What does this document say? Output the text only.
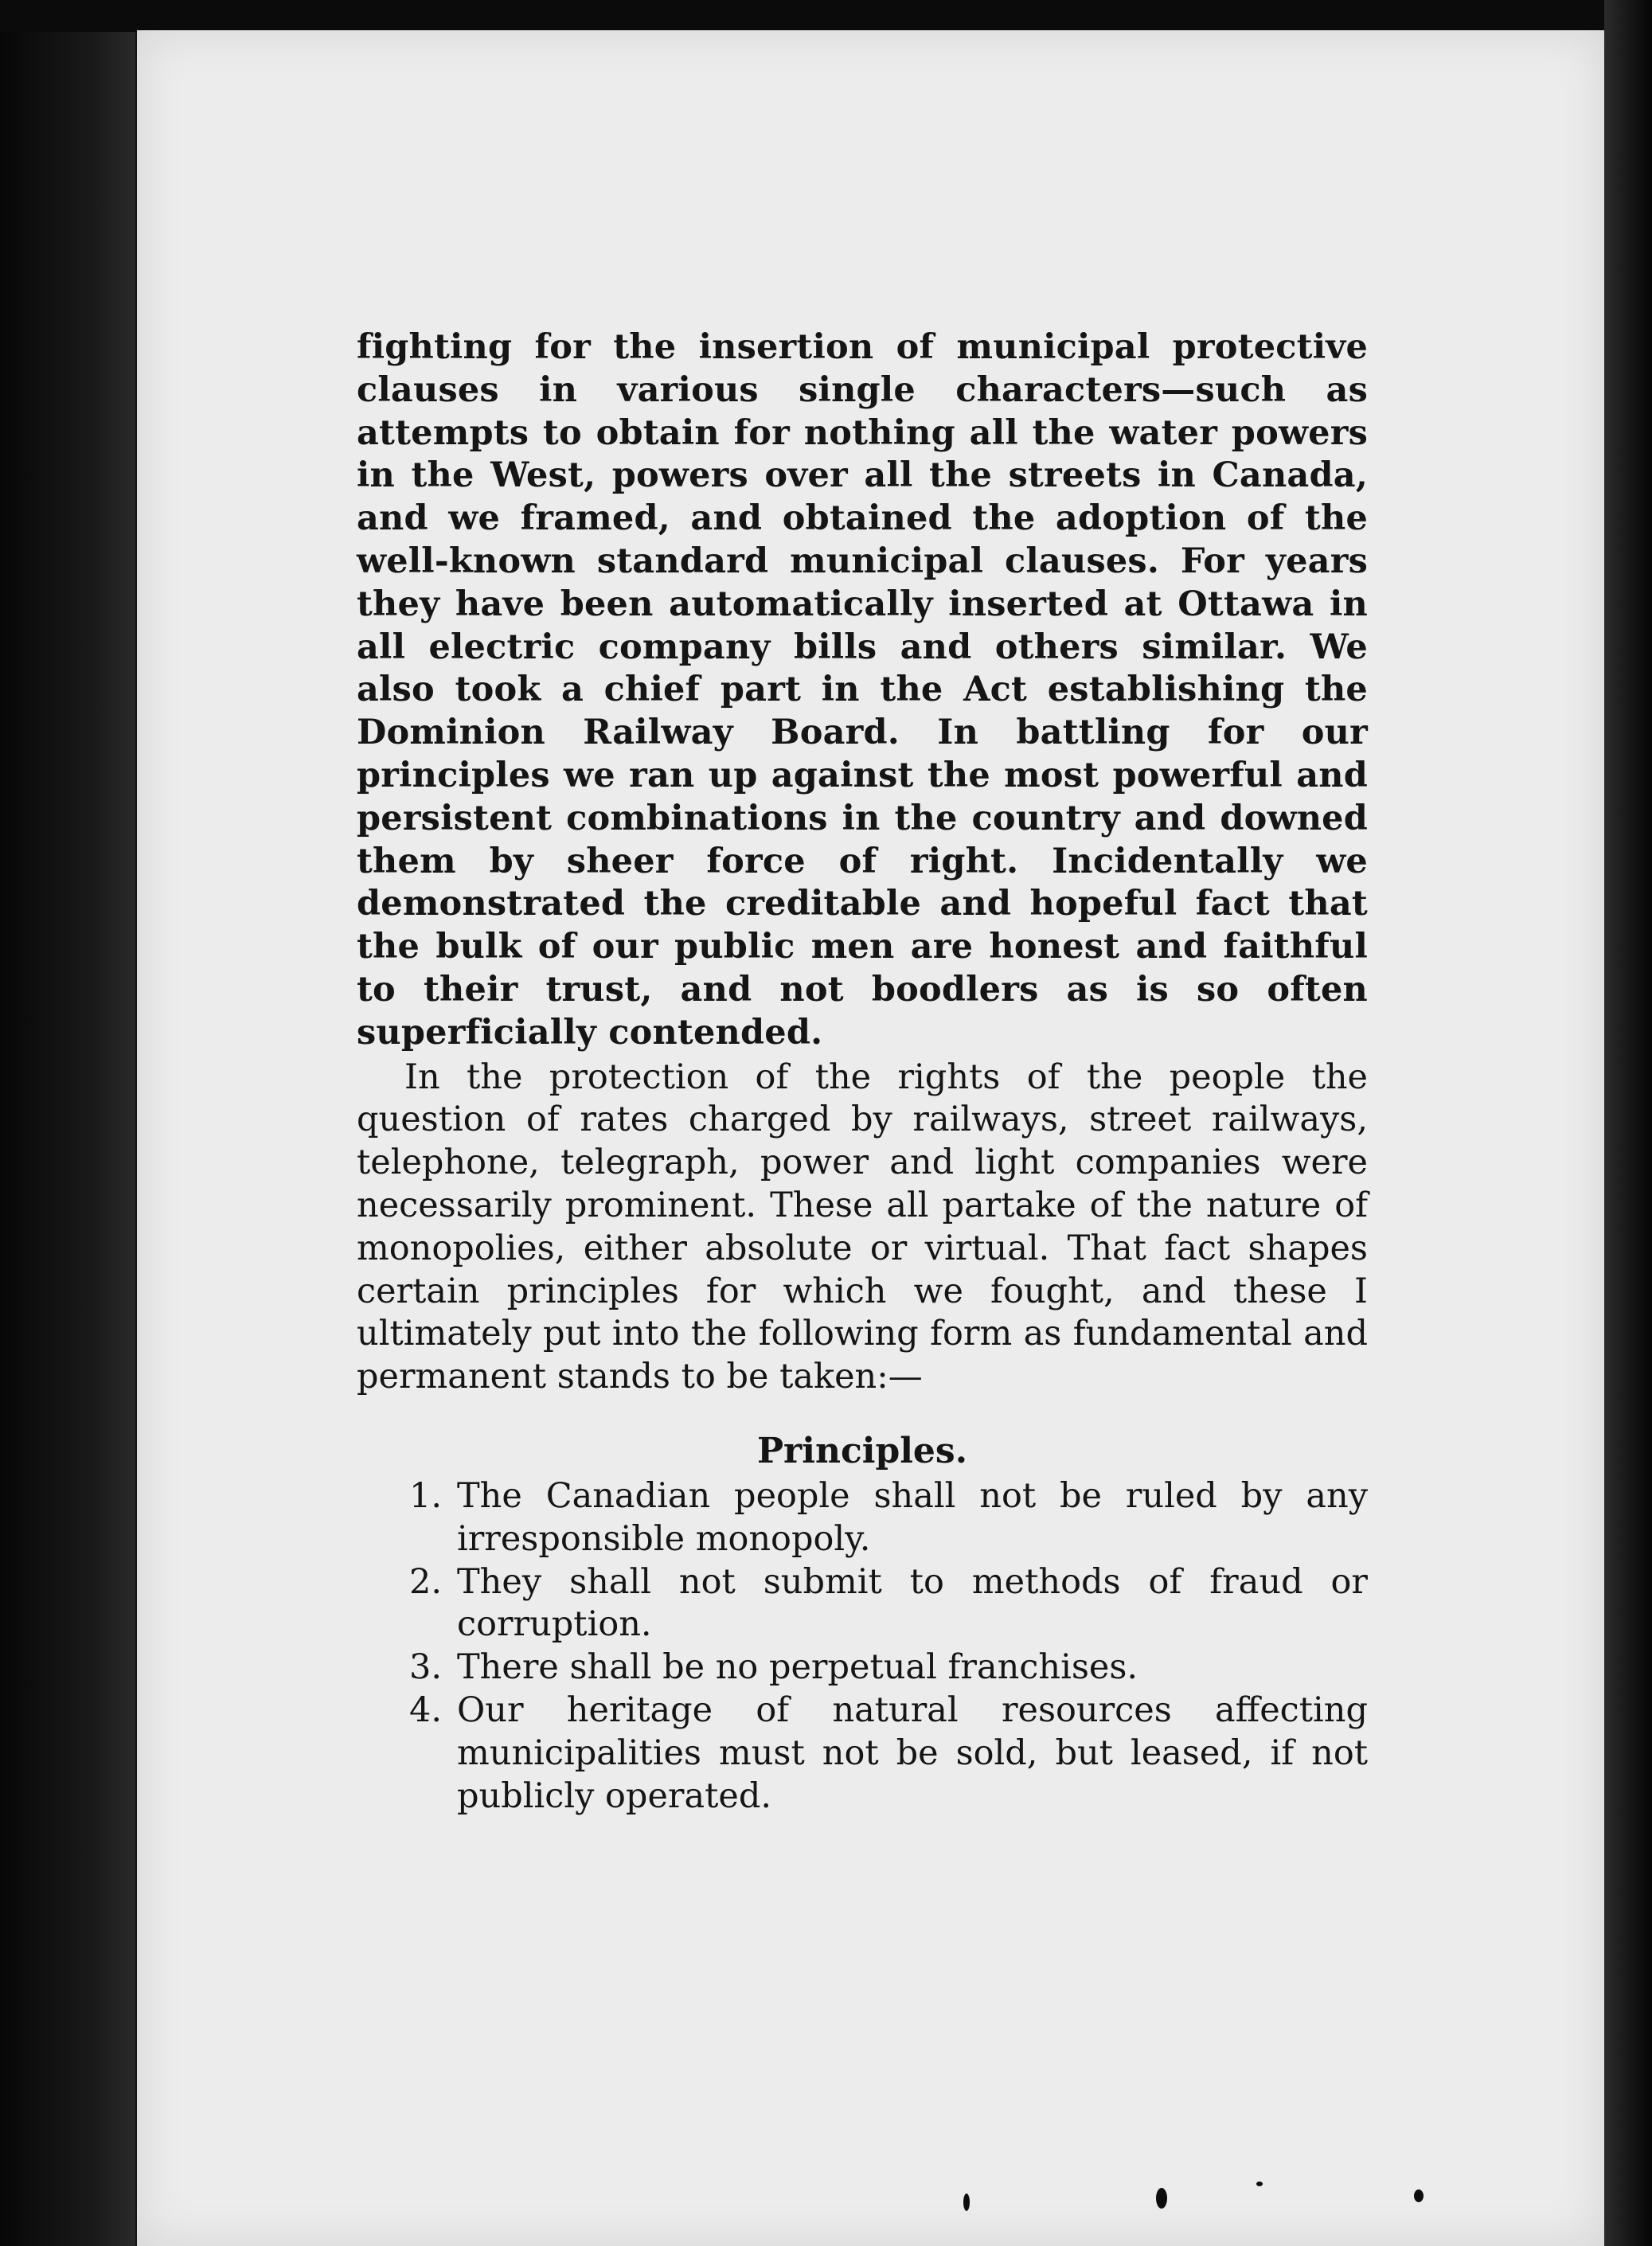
fighting for the insertion of municipal protective clauses in various single characters—such as attempts to obtain for nothing all the water powers in the West, powers over all the streets in Canada, and we framed, and obtained the adoption of the well-known standard municipal clauses. For years they have been automatically inserted at Ottawa in all electric company bills and others similar. We also took a chief part in the Act establishing the Dominion Railway Board. In battling for our principles we ran up against the most powerful and persistent combinations in the country and downed them by sheer force of right. Incidentally we demonstrated the creditable and hopeful fact that the bulk of our public men are honest and faithful to their trust, and not boodlers as is so often superficially contended.

In the protection of the rights of the people the question of rates charged by railways, street railways, telephone, telegraph, power and light companies were necessarily prominent. These all partake of the nature of monopolies, either absolute or virtual. That fact shapes certain principles for which we fought, and these I ultimately put into the following form as fundamental and permanent stands to be taken:—

Principles.
1. The Canadian people shall not be ruled by any irresponsible monopoly.
2. They shall not submit to methods of fraud or corruption.
3. There shall be no perpetual franchises.
4. Our heritage of natural resources affecting municipalities must not be sold, but leased, if not publicly operated.
